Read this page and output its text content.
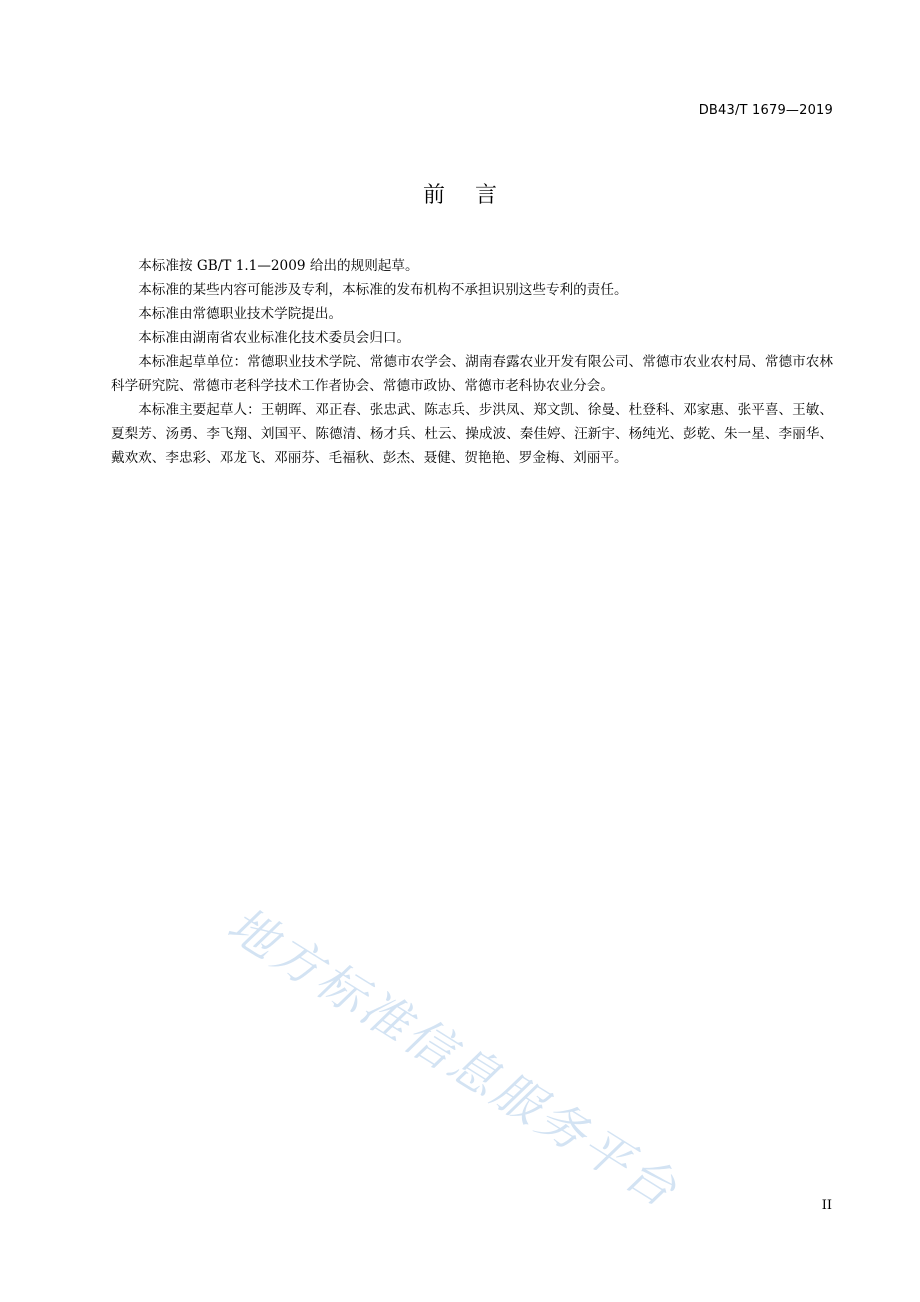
DB43/T 1679—2019
前言

本标准按 GB/T 1.1—2009 给出的规则起草。

本标准的某些内容可能涉及专利，本标准的发布机构不承担识别这些专利的责任。

本标准由常德职业技术学院提出。

本标准由湖南省农业标准化技术委员会归口。

本标准起草单位：常德职业技术学院、常德市农学会、湖南春露农业开发有限公司、常德市农业农村局、常德市农林科学研究院、常德市老科学技术工作者协会、常德市政协、常德市老科协农业分会。

本标准主要起草人：王朝晖、邓正春、张忠武、陈志兵、步洪凤、郑文凯、徐曼、杜登科、邓家惠、张平喜、王敏、夏梨芳、汤勇、李飞翔、刘国平、陈德清、杨才兵、杜云、操成波、秦佳婷、汪新宇、杨纯光、彭乾、朱一星、李丽华、戴欢欢、李忠彩、邓龙飞、邓丽芬、毛福秋、彭杰、聂健、贺艳艳、罗金梅、刘丽平。

地方标准信息服务平台	II
